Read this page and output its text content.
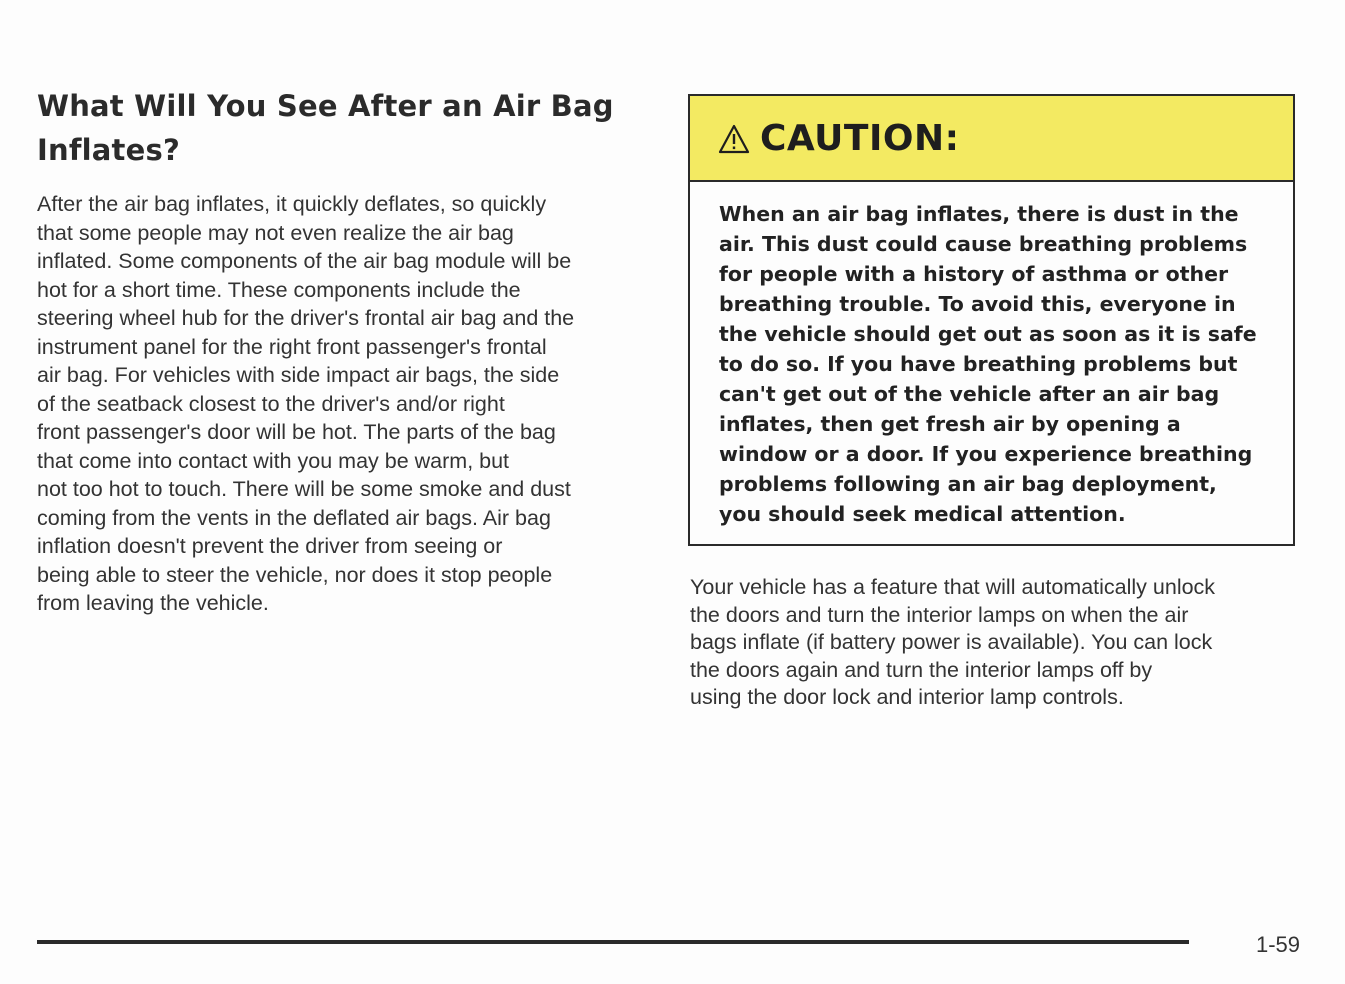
What Will You See After an Air Bag
Inflates?

After the air bag inflates, it quickly deflates, so quickly
that some people may not even realize the air bag
inflated. Some components of the air bag module will be
hot for a short time. These components include the
steering wheel hub for the driver's frontal air bag and the
instrument panel for the right front passenger's frontal
air bag. For vehicles with side impact air bags, the side
of the seatback closest to the driver's and/or right
front passenger's door will be hot. The parts of the bag
that come into contact with you may be warm, but
not too hot to touch. There will be some smoke and dust
coming from the vents in the deflated air bags. Air bag
inflation doesn't prevent the driver from seeing or
being able to steer the vehicle, nor does it stop people
from leaving the vehicle.

CAUTION:

When an air bag inflates, there is dust in the
air. This dust could cause breathing problems
for people with a history of asthma or other
breathing trouble. To avoid this, everyone in
the vehicle should get out as soon as it is safe
to do so. If you have breathing problems but
can't get out of the vehicle after an air bag
inflates, then get fresh air by opening a
window or a door. If you experience breathing
problems following an air bag deployment,
you should seek medical attention.

Your vehicle has a feature that will automatically unlock
the doors and turn the interior lamps on when the air
bags inflate (if battery power is available). You can lock
the doors again and turn the interior lamps off by
using the door lock and interior lamp controls.

1-59
